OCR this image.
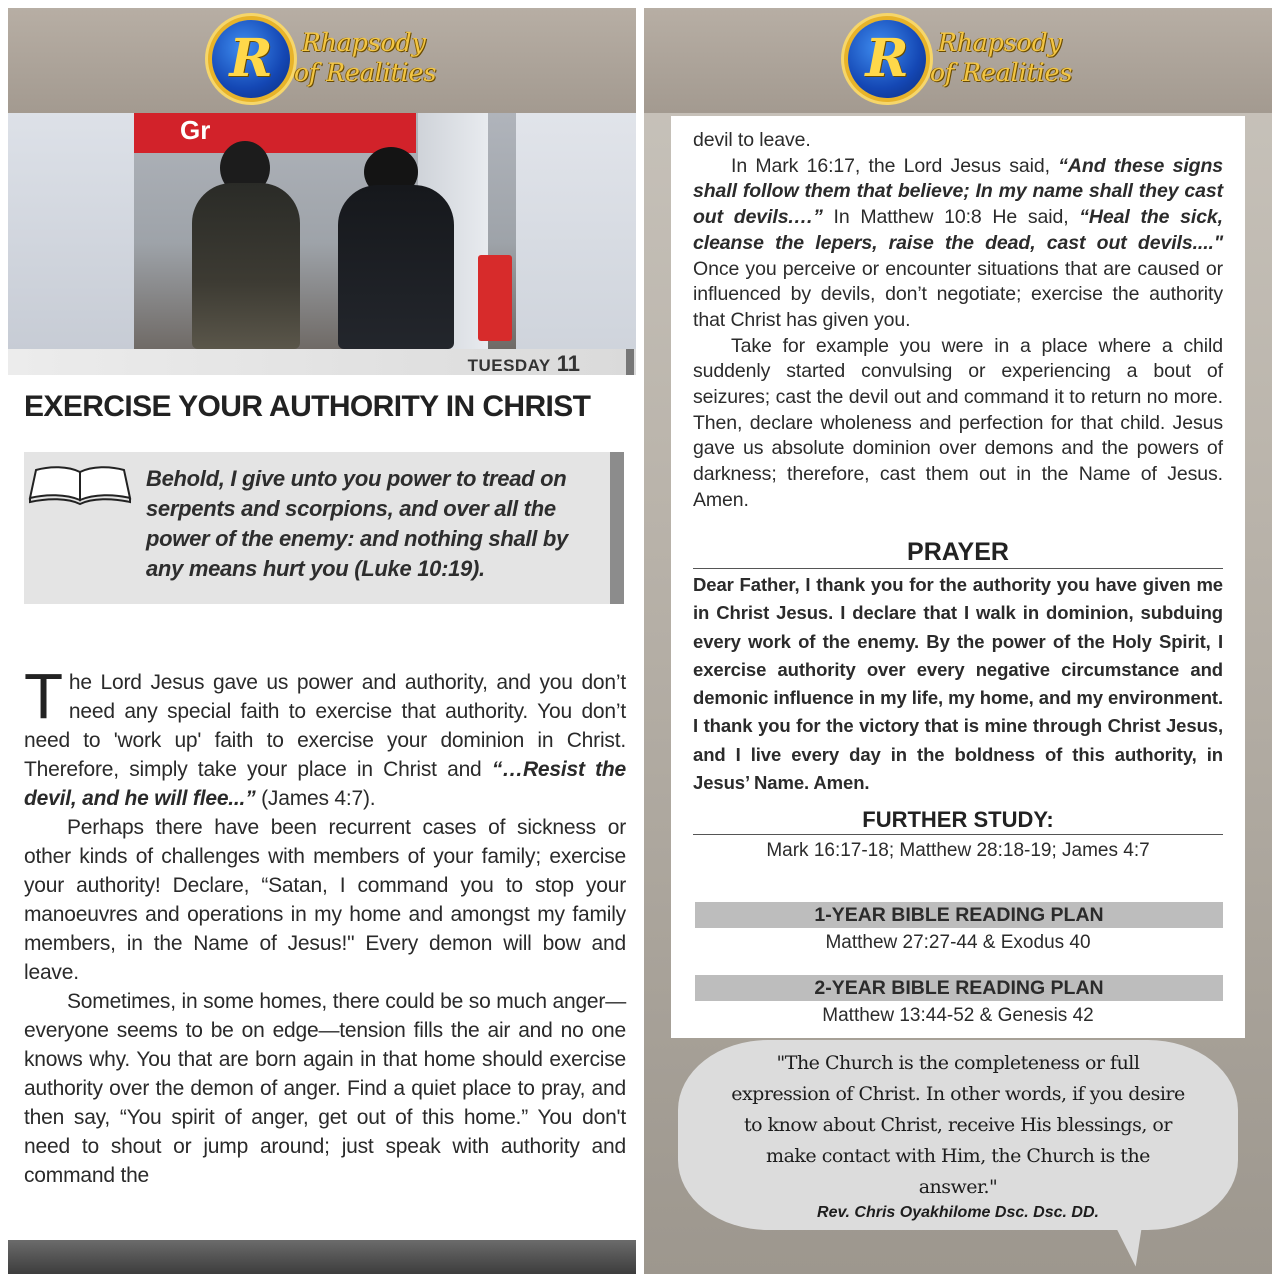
R	Rhapsody
of Realities
Gr
TUESDAY 11
EXERCISE YOUR AUTHORITY IN CHRIST
Behold, I give unto you power to tread on serpents and scorpions, and over all the power of the enemy: and nothing shall by any means hurt you (Luke 10:19).

The Lord Jesus gave us power and authority, and you don’t need any special faith to exercise that authority. You don’t need to 'work up' faith to exercise your dominion in Christ. Therefore, simply take your place in Christ and “…Resist the devil, and he will flee...” (James 4:7).

Perhaps there have been recurrent cases of sickness or other kinds of challenges with members of your family; exercise your authority! Declare, “Satan, I command you to stop your manoeuvres and operations in my home and amongst my family members, in the Name of Jesus!" Every demon will bow and leave.

Sometimes, in some homes, there could be so much anger—everyone seems to be on edge—tension fills the air and no one knows why. You that are born again in that home should exercise authority over the demon of anger. Find a quiet place to pray, and then say, “You spirit of anger, get out of this home.” You don't need to shout or jump around; just speak with authority and command the

R	Rhapsody
of Realities

devil to leave.

In Mark 16:17, the Lord Jesus said, “And these signs shall follow them that believe; In my name shall they cast out devils.…” In Matthew 10:8 He said, “Heal the sick, cleanse the lepers, raise the dead, cast out devils...." Once you perceive or encounter situations that are caused or influenced by devils, don’t negotiate; exercise the authority that Christ has given you.

Take for example you were in a place where a child suddenly started convulsing or experiencing a bout of seizures; cast the devil out and command it to return no more. Then, declare wholeness and perfection for that child. Jesus gave us absolute dominion over demons and the powers of darkness; therefore, cast them out in the Name of Jesus. Amen.

PRAYER
Dear Father, I thank you for the authority you have given me in Christ Jesus. I declare that I walk in dominion, subduing every work of the enemy. By the power of the Holy Spirit, I exercise authority over every negative circumstance and demonic influence in my life, my home, and my environment. I thank you for the victory that is mine through Christ Jesus, and I live every day in the boldness of this authority, in Jesus’ Name. Amen.
FURTHER STUDY:
Mark 16:17-18; Matthew 28:18-19; James 4:7
1-YEAR BIBLE READING PLAN
Matthew 27:27-44 & Exodus 40
2-YEAR BIBLE READING PLAN
Matthew 13:44-52 & Genesis 42
"The Church is the completeness or full expression of Christ. In other words, if you desire to know about Christ, receive His blessings, or make contact with Him, the Church is the answer."
Rev. Chris Oyakhilome Dsc. Dsc. DD.
